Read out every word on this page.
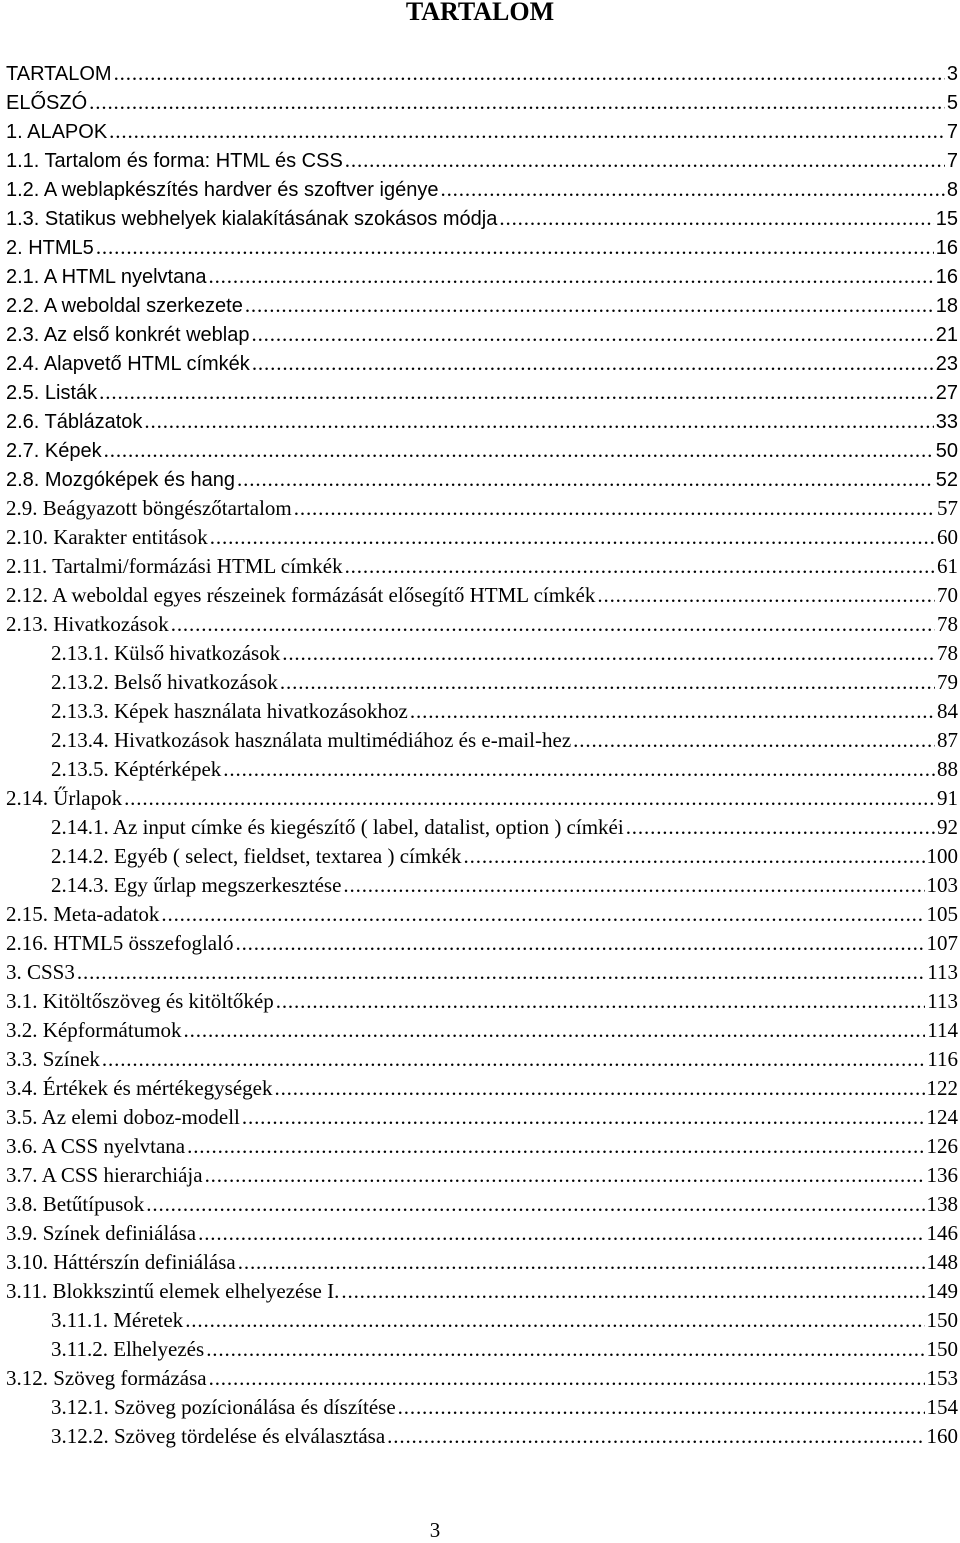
TARTALOM
TARTALOM . . .	3
ELŐSZÓ . . .	5
1. ALAPOK . . .	7
1.1. Tartalom és forma: HTML és CSS . . .	7
1.2. A weblapkészítés hardver és szoftver igénye . . .	8
1.3. Statikus webhelyek kialakításának szokásos módja . . .	15
2. HTML5 . . .	16
2.1. A HTML nyelvtana . . .	16
2.2. A weboldal szerkezete . . .	18
2.3. Az első konkrét weblap . . .	21
2.4. Alapvető HTML címkék . . .	23
2.5. Listák . . .	27
2.6. Táblázatok . . .	33
2.7. Képek . . .	50
2.8. Mozgóképek és hang . . .	52
2.9. Beágyazott böngészőtartalom . . .	57
2.10. Karakter entitások . . .	60
2.11. Tartalmi/formázási HTML címkék . . .	61
2.12. A weboldal egyes részeinek formázását elősegítő HTML címkék . . .	70
2.13. Hivatkozások . . .	78
2.13.1. Külső hivatkozások . . .	78
2.13.2. Belső hivatkozások . . .	79
2.13.3. Képek használata hivatkozásokhoz . . .	84
2.13.4. Hivatkozások használata multimédiához és e-mail-hez . . .	87
2.13.5. Képtérképek . . .	88
2.14. Űrlapok . . .	91
2.14.1. Az input címke és kiegészítő ( label, datalist, option ) címkéi . . .	92
2.14.2. Egyéb ( select, fieldset, textarea ) címkék . . .	100
2.14.3. Egy űrlap megszerkesztése . . .	103
2.15. Meta-adatok . . .	105
2.16. HTML5 összefoglaló . . .	107
3. CSS3 . . .	113
3.1. Kitöltőszöveg és kitöltőkép . . .	113
3.2. Képformátumok . . .	114
3.3. Színek . . .	116
3.4. Értékek és mértékegységek . . .	122
3.5. Az elemi doboz-modell . . .	124
3.6. A CSS nyelvtana . . .	126
3.7. A CSS hierarchiája . . .	136
3.8. Betűtípusok . . .	138
3.9. Színek definiálása . . .	146
3.10. Háttérszín definiálása . . .	148
3.11. Blokkszintű elemek elhelyezése I. . . .	149
3.11.1. Méretek . . .	150
3.11.2. Elhelyezés . . .	150
3.12. Szöveg formázása . . .	153
3.12.1. Szöveg pozícionálása és díszítése . . .	154
3.12.2. Szöveg tördelése és elválasztása . . .	160
3
